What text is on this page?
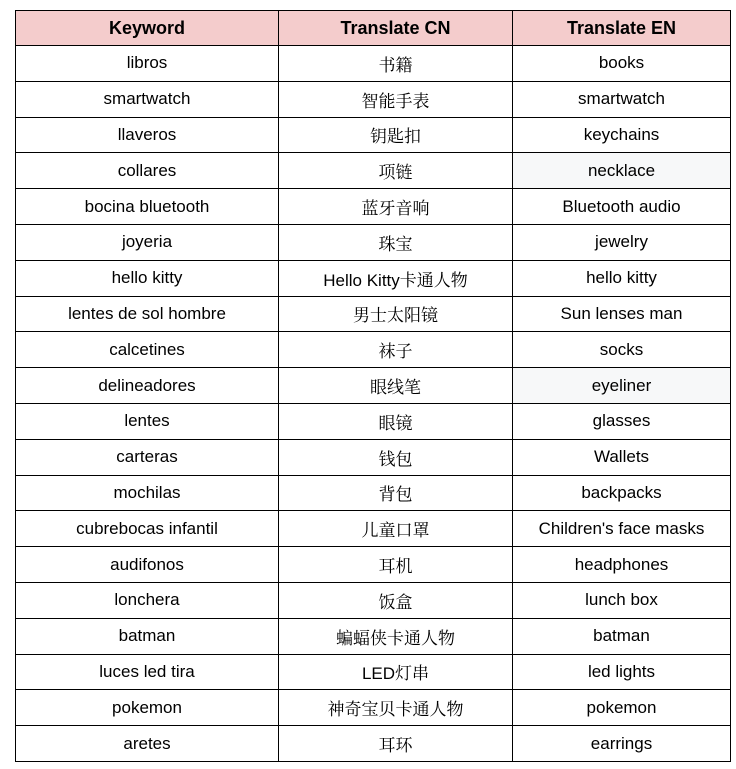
Keyword	Translate CN	Translate EN
libros	书籍	books
smartwatch	智能手表	smartwatch
llaveros	钥匙扣	keychains
collares	项链	necklace
bocina bluetooth	蓝牙音响	Bluetooth audio
joyeria	珠宝	jewelry
hello kitty	Hello Kitty卡通人物	hello kitty
lentes de sol hombre	男士太阳镜	Sun lenses man
calcetines	袜子	socks
delineadores	眼线笔	eyeliner
lentes	眼镜	glasses
carteras	钱包	Wallets
mochilas	背包	backpacks
cubrebocas infantil	儿童口罩	Children's face masks
audifonos	耳机	headphones
lonchera	饭盒	lunch box
batman	蝙蝠侠卡通人物	batman
luces led tira	LED灯串	led lights
pokemon	神奇宝贝卡通人物	pokemon
aretes	耳环	earrings
